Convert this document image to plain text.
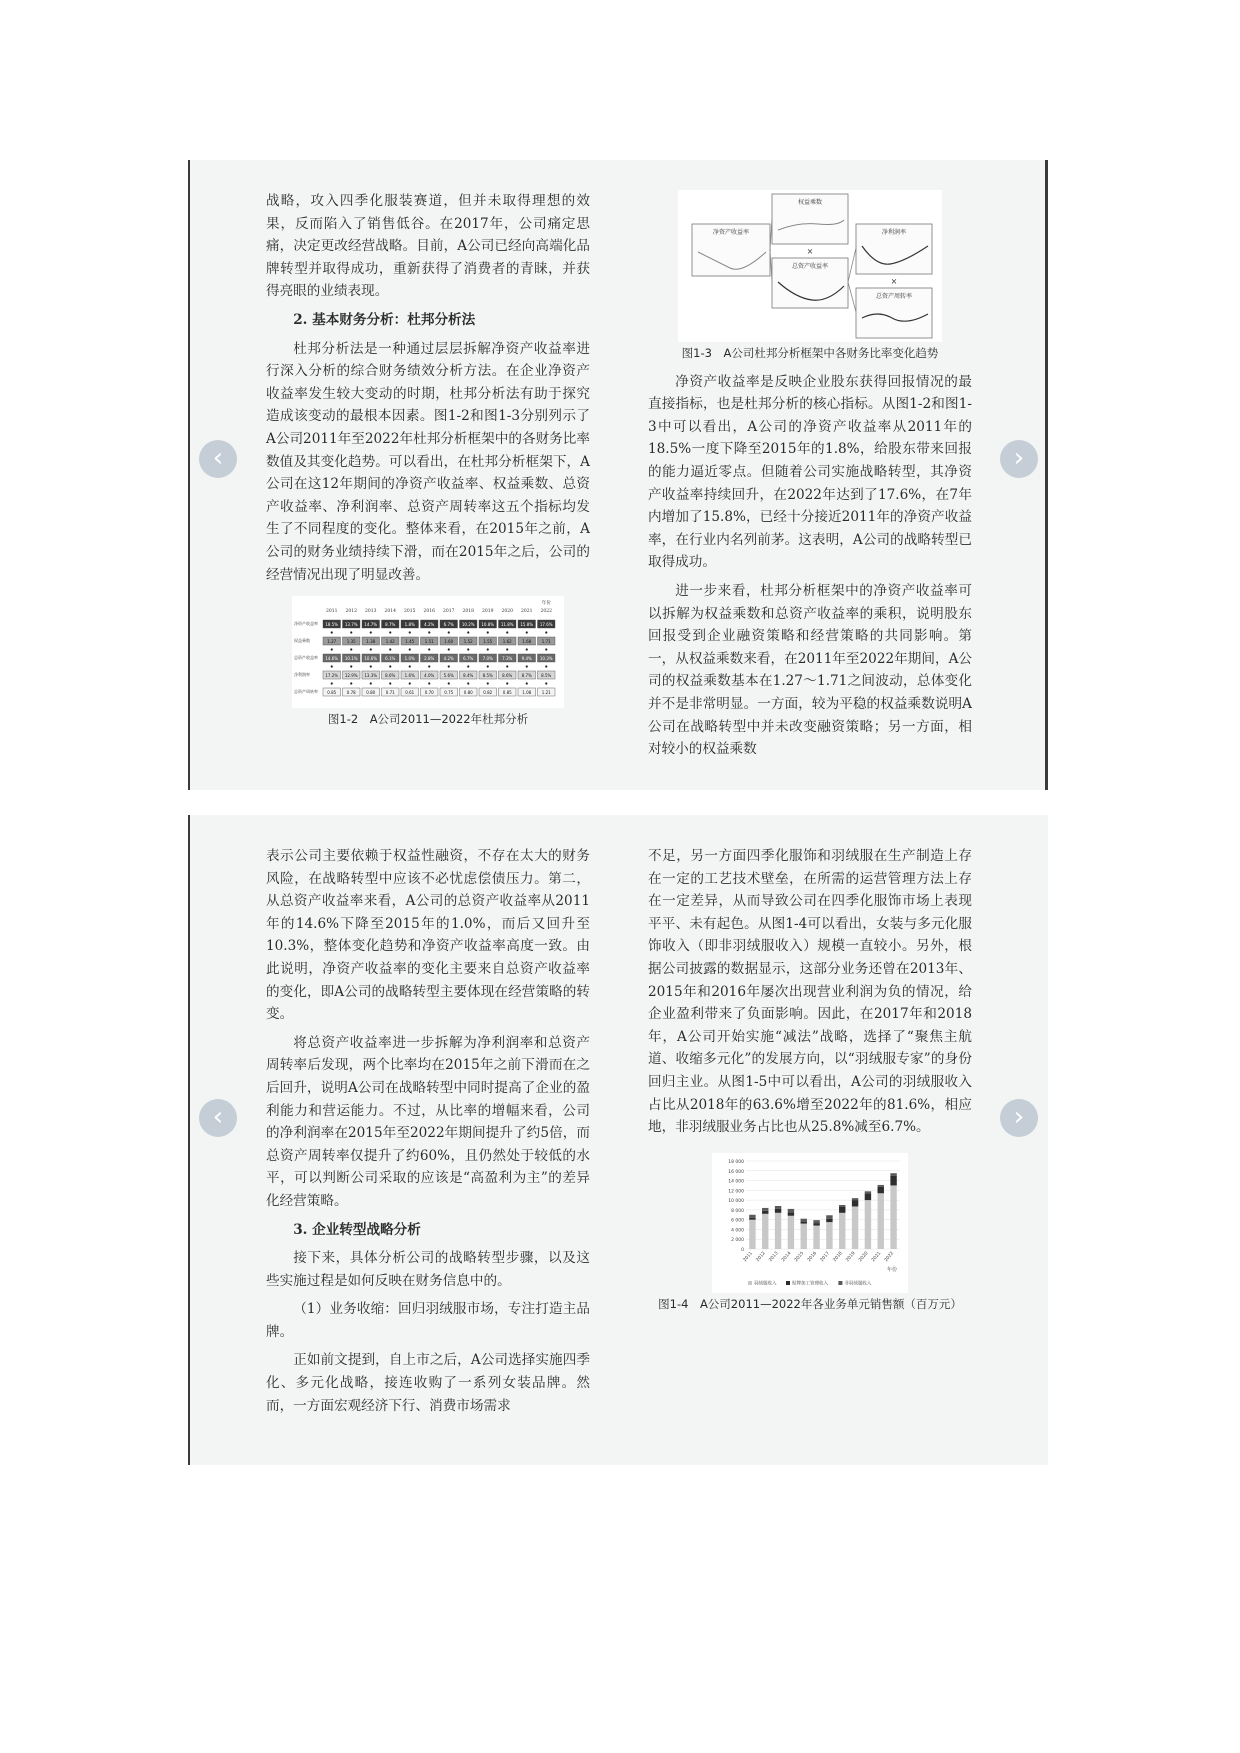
战略，攻入四季化服装赛道，但并未取得理想的效果，反而陷入了销售低谷。在2017年，公司痛定思痛，决定更改经营战略。目前，A公司已经向高端化品牌转型并取得成功，重新获得了消费者的青睐，并获得亮眼的业绩表现。

2. 基本财务分析：杜邦分析法

杜邦分析法是一种通过层层拆解净资产收益率进行深入分析的综合财务绩效分析方法。在企业净资产收益率发生较大变动的时期，杜邦分析法有助于探究造成该变动的最根本因素。图1-2和图1-3分别列示了A公司2011年至2022年杜邦分析框架中的各财务比率数值及其变化趋势。可以看出，在杜邦分析框架下，A公司在这12年期间的净资产收益率、权益乘数、总资产收益率、净利润率、总资产周转率这五个指标均发生了不同程度的变化。整体来看，在2015年之前，A公司的财务业绩持续下滑，而在2015年之后，公司的经营情况出现了明显改善。

年份
2011 2012 2013 2014 2015 2016 2017 2018 2019 2020 2021 2022
净资产收益率 18.5% 13.7% 14.7% 8.7% 1.8% 4.2% 6.7% 10.2% 10.8% 11.8% 15.8% 17.6%
权益乘数	1.27	1.35	1.38	1.42	1.45	1.51	1.60	1.52	1.55	1.62	1.68	1.71
总资产收益率 14.6% 10.1% 10.6% 6.1% 1.0% 2.8% 4.2% 6.7% 7.0% 7.3% 9.4% 10.3%
净利润率	17.2% 12.9% 13.3% 8.6% 1.6% 4.0% 5.6% 8.4% 8.5% 8.6% 8.7% 8.5%
总资产周转率 0.85	0.78	0.80	0.71	0.61	0.70	0.75	0.80	0.82	0.85	1.08	1.21

图1-2　A公司2011—2022年杜邦分析

净资产收益率
权益乘数
×
总资产收益率
净利润率
×
总资产周转率

图1-3　A公司杜邦分析框架中各财务比率变化趋势

净资产收益率是反映企业股东获得回报情况的最直接指标，也是杜邦分析的核心指标。从图1-2和图1-3中可以看出，A公司的净资产收益率从2011年的18.5%一度下降至2015年的1.8%，给股东带来回报的能力逼近零点。但随着公司实施战略转型，其净资产收益率持续回升，在2022年达到了17.6%，在7年内增加了15.8%，已经十分接近2011年的净资产收益率，在行业内名列前茅。这表明，A公司的战略转型已取得成功。

进一步来看，杜邦分析框架中的净资产收益率可以拆解为权益乘数和总资产收益率的乘积，说明股东回报受到企业融资策略和经营策略的共同影响。第一，从权益乘数来看，在2011年至2022年期间，A公司的权益乘数基本在1.27～1.71之间波动，总体变化并不是非常明显。一方面，较为平稳的权益乘数说明A公司在战略转型中并未改变融资策略；另一方面，相对较小的权益乘数

表示公司主要依赖于权益性融资，不存在太大的财务风险，在战略转型中应该不必忧虑偿债压力。第二，从总资产收益率来看，A公司的总资产收益率从2011年的14.6%下降至2015年的1.0%，而后又回升至10.3%，整体变化趋势和净资产收益率高度一致。由此说明，净资产收益率的变化主要来自总资产收益率的变化，即A公司的战略转型主要体现在经营策略的转变。

将总资产收益率进一步拆解为净利润率和总资产周转率后发现，两个比率均在2015年之前下滑而在之后回升，说明A公司在战略转型中同时提高了企业的盈利能力和营运能力。不过，从比率的增幅来看，公司的净利润率在2015年至2022年期间提升了约5倍，而总资产周转率仅提升了约60%，且仍然处于较低的水平，可以判断公司采取的应该是“高盈利为主”的差异化经营策略。

3. 企业转型战略分析

接下来，具体分析公司的战略转型步骤，以及这些实施过程是如何反映在财务信息中的。

（1）业务收缩：回归羽绒服市场，专注打造主品牌。

正如前文提到，自上市之后，A公司选择实施四季化、多元化战略，接连收购了一系列女装品牌。然而，一方面宏观经济下行、消费市场需求

不足，另一方面四季化服饰和羽绒服在生产制造上存在一定的工艺技术壁垒，在所需的运营管理方法上存在一定差异，从而导致公司在四季化服饰市场上表现平平、未有起色。从图1-4可以看出，女装与多元化服饰收入（即非羽绒服收入）规模一直较小。另外，根据公司披露的数据显示，这部分业务还曾在2013年、2015年和2016年屡次出现营业利润为负的情况，给企业盈利带来了负面影响。因此，在2017年和2018年，A公司开始实施“减法”战略，选择了“聚焦主航道、收缩多元化”的发展方向，以“羽绒服专家”的身份回归主业。从图1-5中可以看出，A公司的羽绒服收入占比从2018年的63.6%增至2022年的81.6%，相应地，非羽绒服业务占比也从25.8%减至6.7%。

0
2 000
4 000
6 000
8 000
10 000
12 000
14 000
16 000
18 000
2011 2012 2013 2014 2015 2016 2017 2018 2019 2020 2021 2022
年份
羽绒服收入	贴牌加工管理收入	非羽绒服收入

图1-4　A公司2011—2022年各业务单元销售额（百万元）

‹	›
‹	›
